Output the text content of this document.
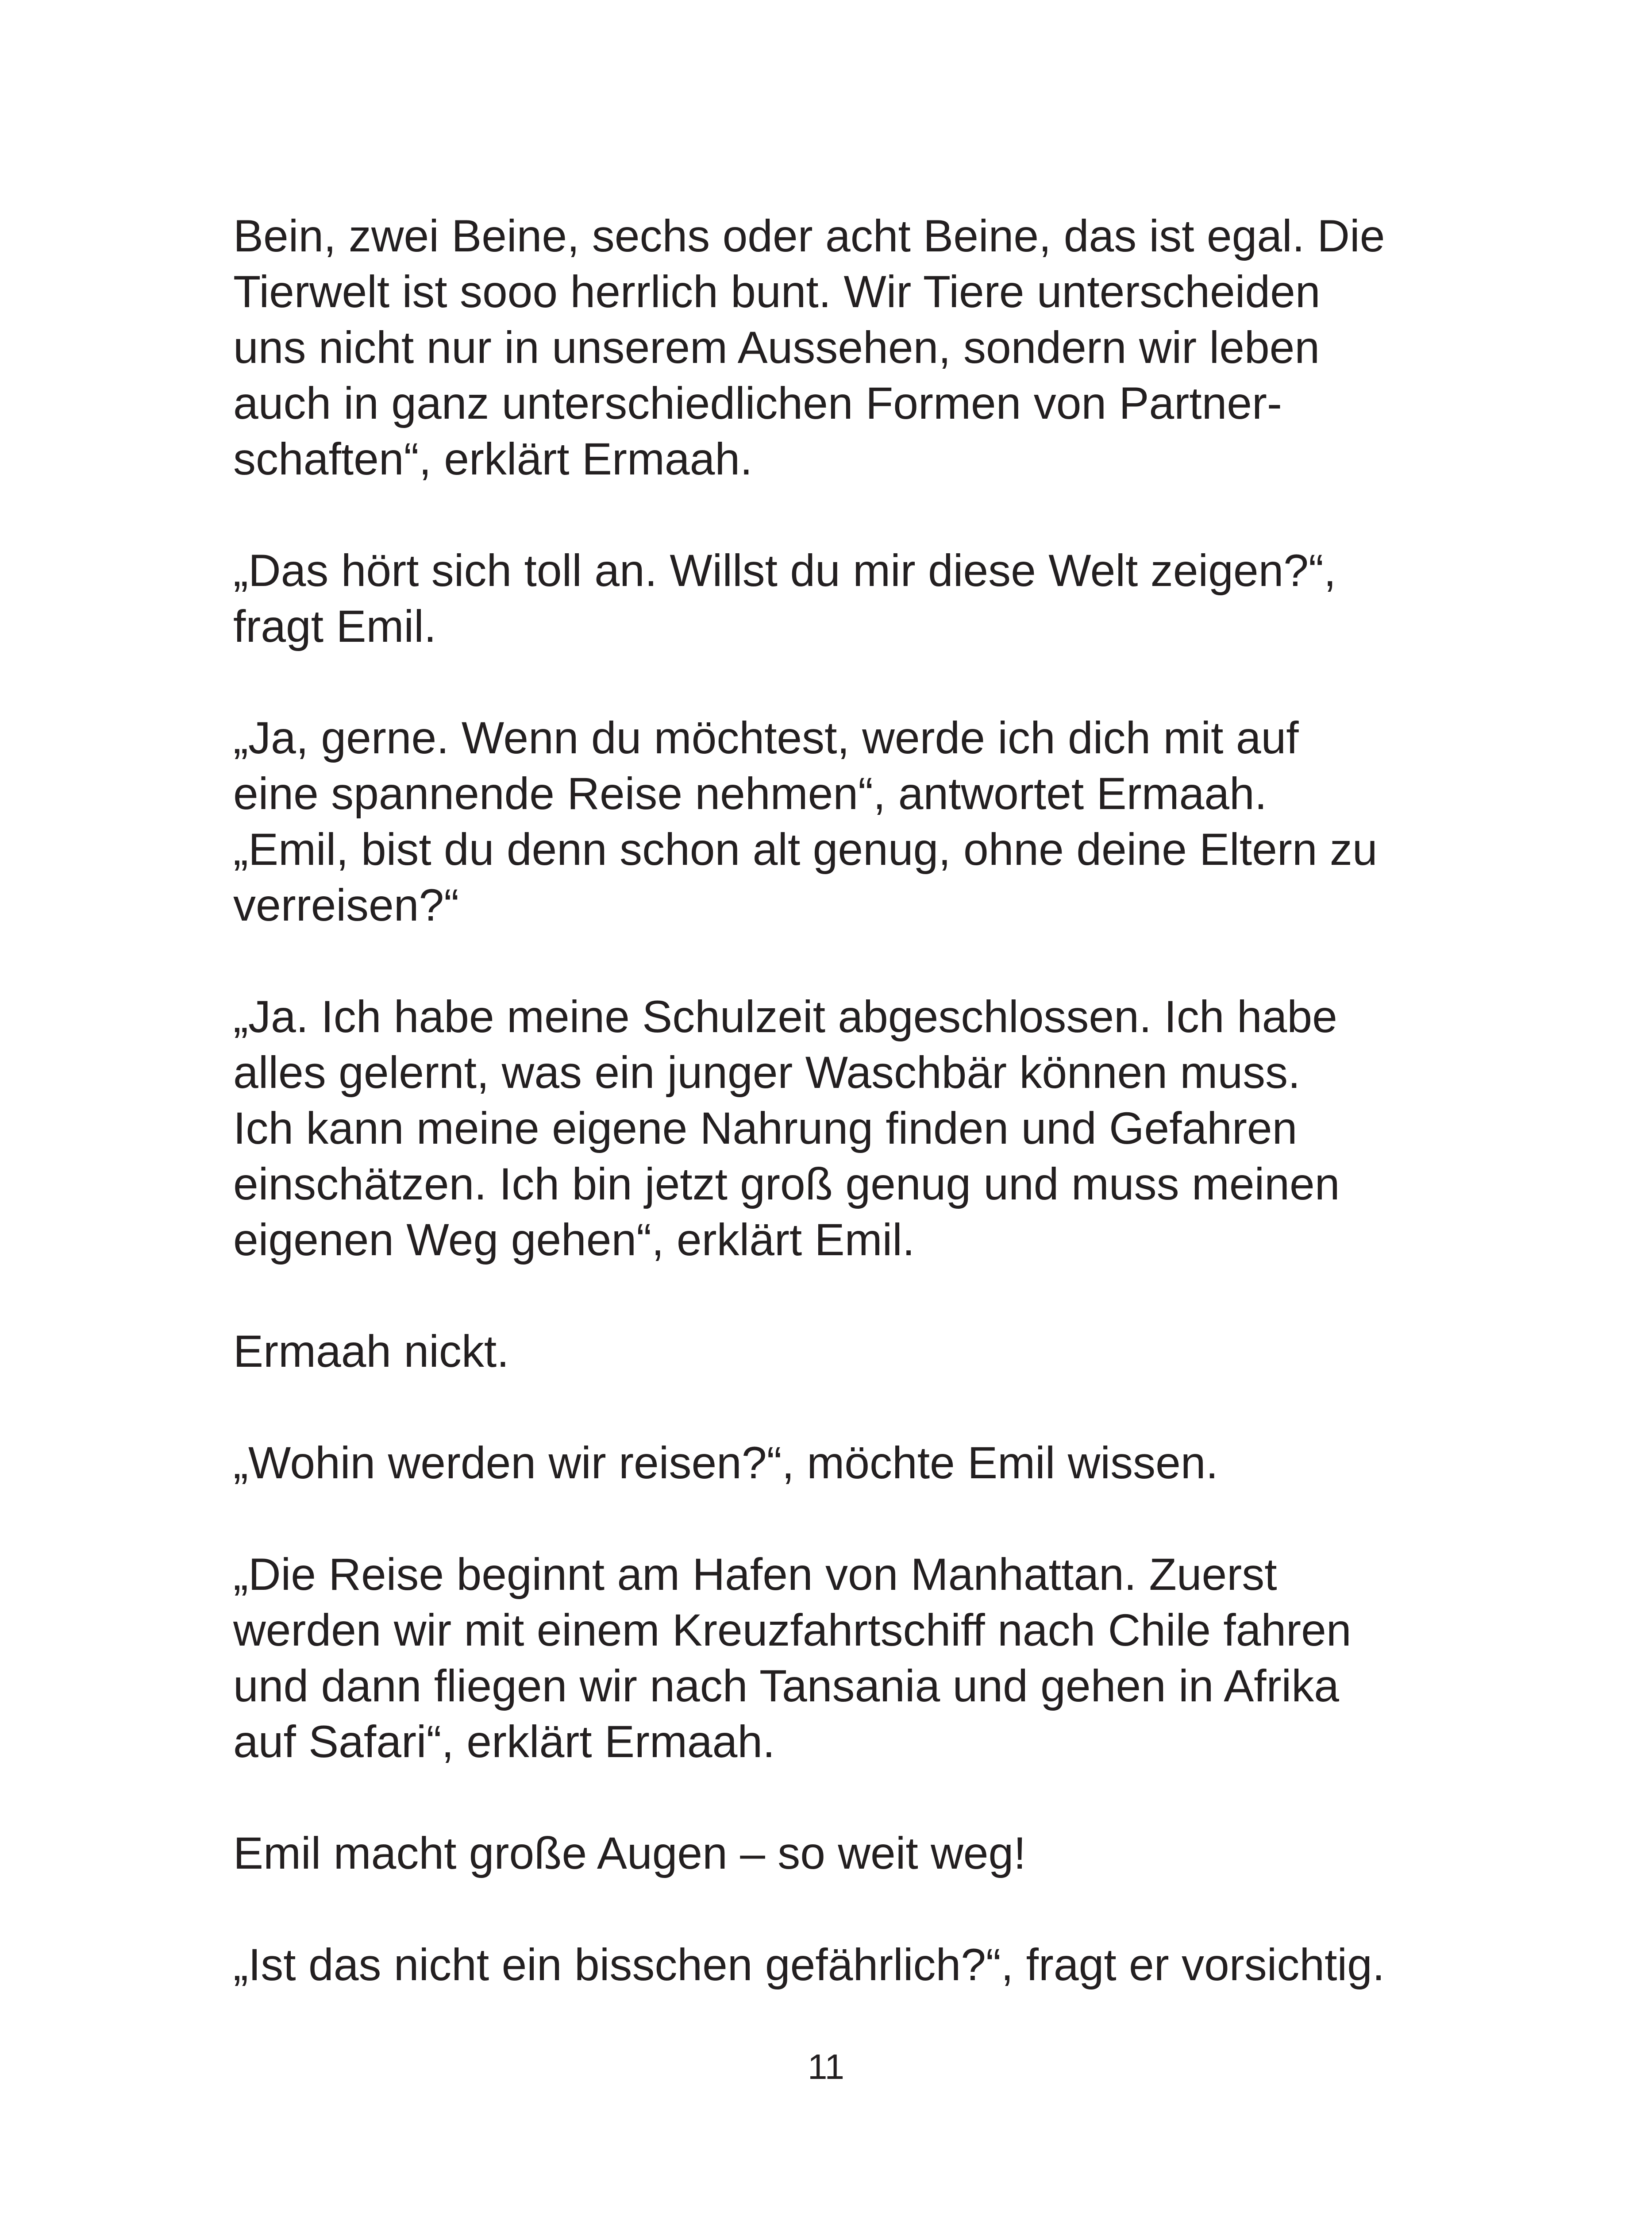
Bein, zwei Beine, sechs oder acht Beine, das ist egal. Die
Tierwelt ist sooo herrlich bunt. Wir Tiere unterscheiden
uns nicht nur in unserem Aussehen, sondern wir leben
auch in ganz unterschiedlichen Formen von Partner-
schaften“, erklärt Ermaah.

„Das hört sich toll an. Willst du mir diese Welt zeigen?“,
fragt Emil.

„Ja, gerne. Wenn du möchtest, werde ich dich mit auf
eine spannende Reise nehmen“, antwortet Ermaah.
„Emil, bist du denn schon alt genug, ohne deine Eltern zu
verreisen?“

„Ja. Ich habe meine Schulzeit abgeschlossen. Ich habe
alles gelernt, was ein junger Waschbär können muss.
Ich kann meine eigene Nahrung finden und Gefahren
einschätzen. Ich bin jetzt groß genug und muss meinen
eigenen Weg gehen“, erklärt Emil.

Ermaah nickt.

„Wohin werden wir reisen?“, möchte Emil wissen.

„Die Reise beginnt am Hafen von Manhattan. Zuerst
werden wir mit einem Kreuzfahrtschiff nach Chile fahren
und dann fliegen wir nach Tansania und gehen in Afrika
auf Safari“, erklärt Ermaah.

Emil macht große Augen – so weit weg!

„Ist das nicht ein bisschen gefährlich?“, fragt er vorsichtig.

11
